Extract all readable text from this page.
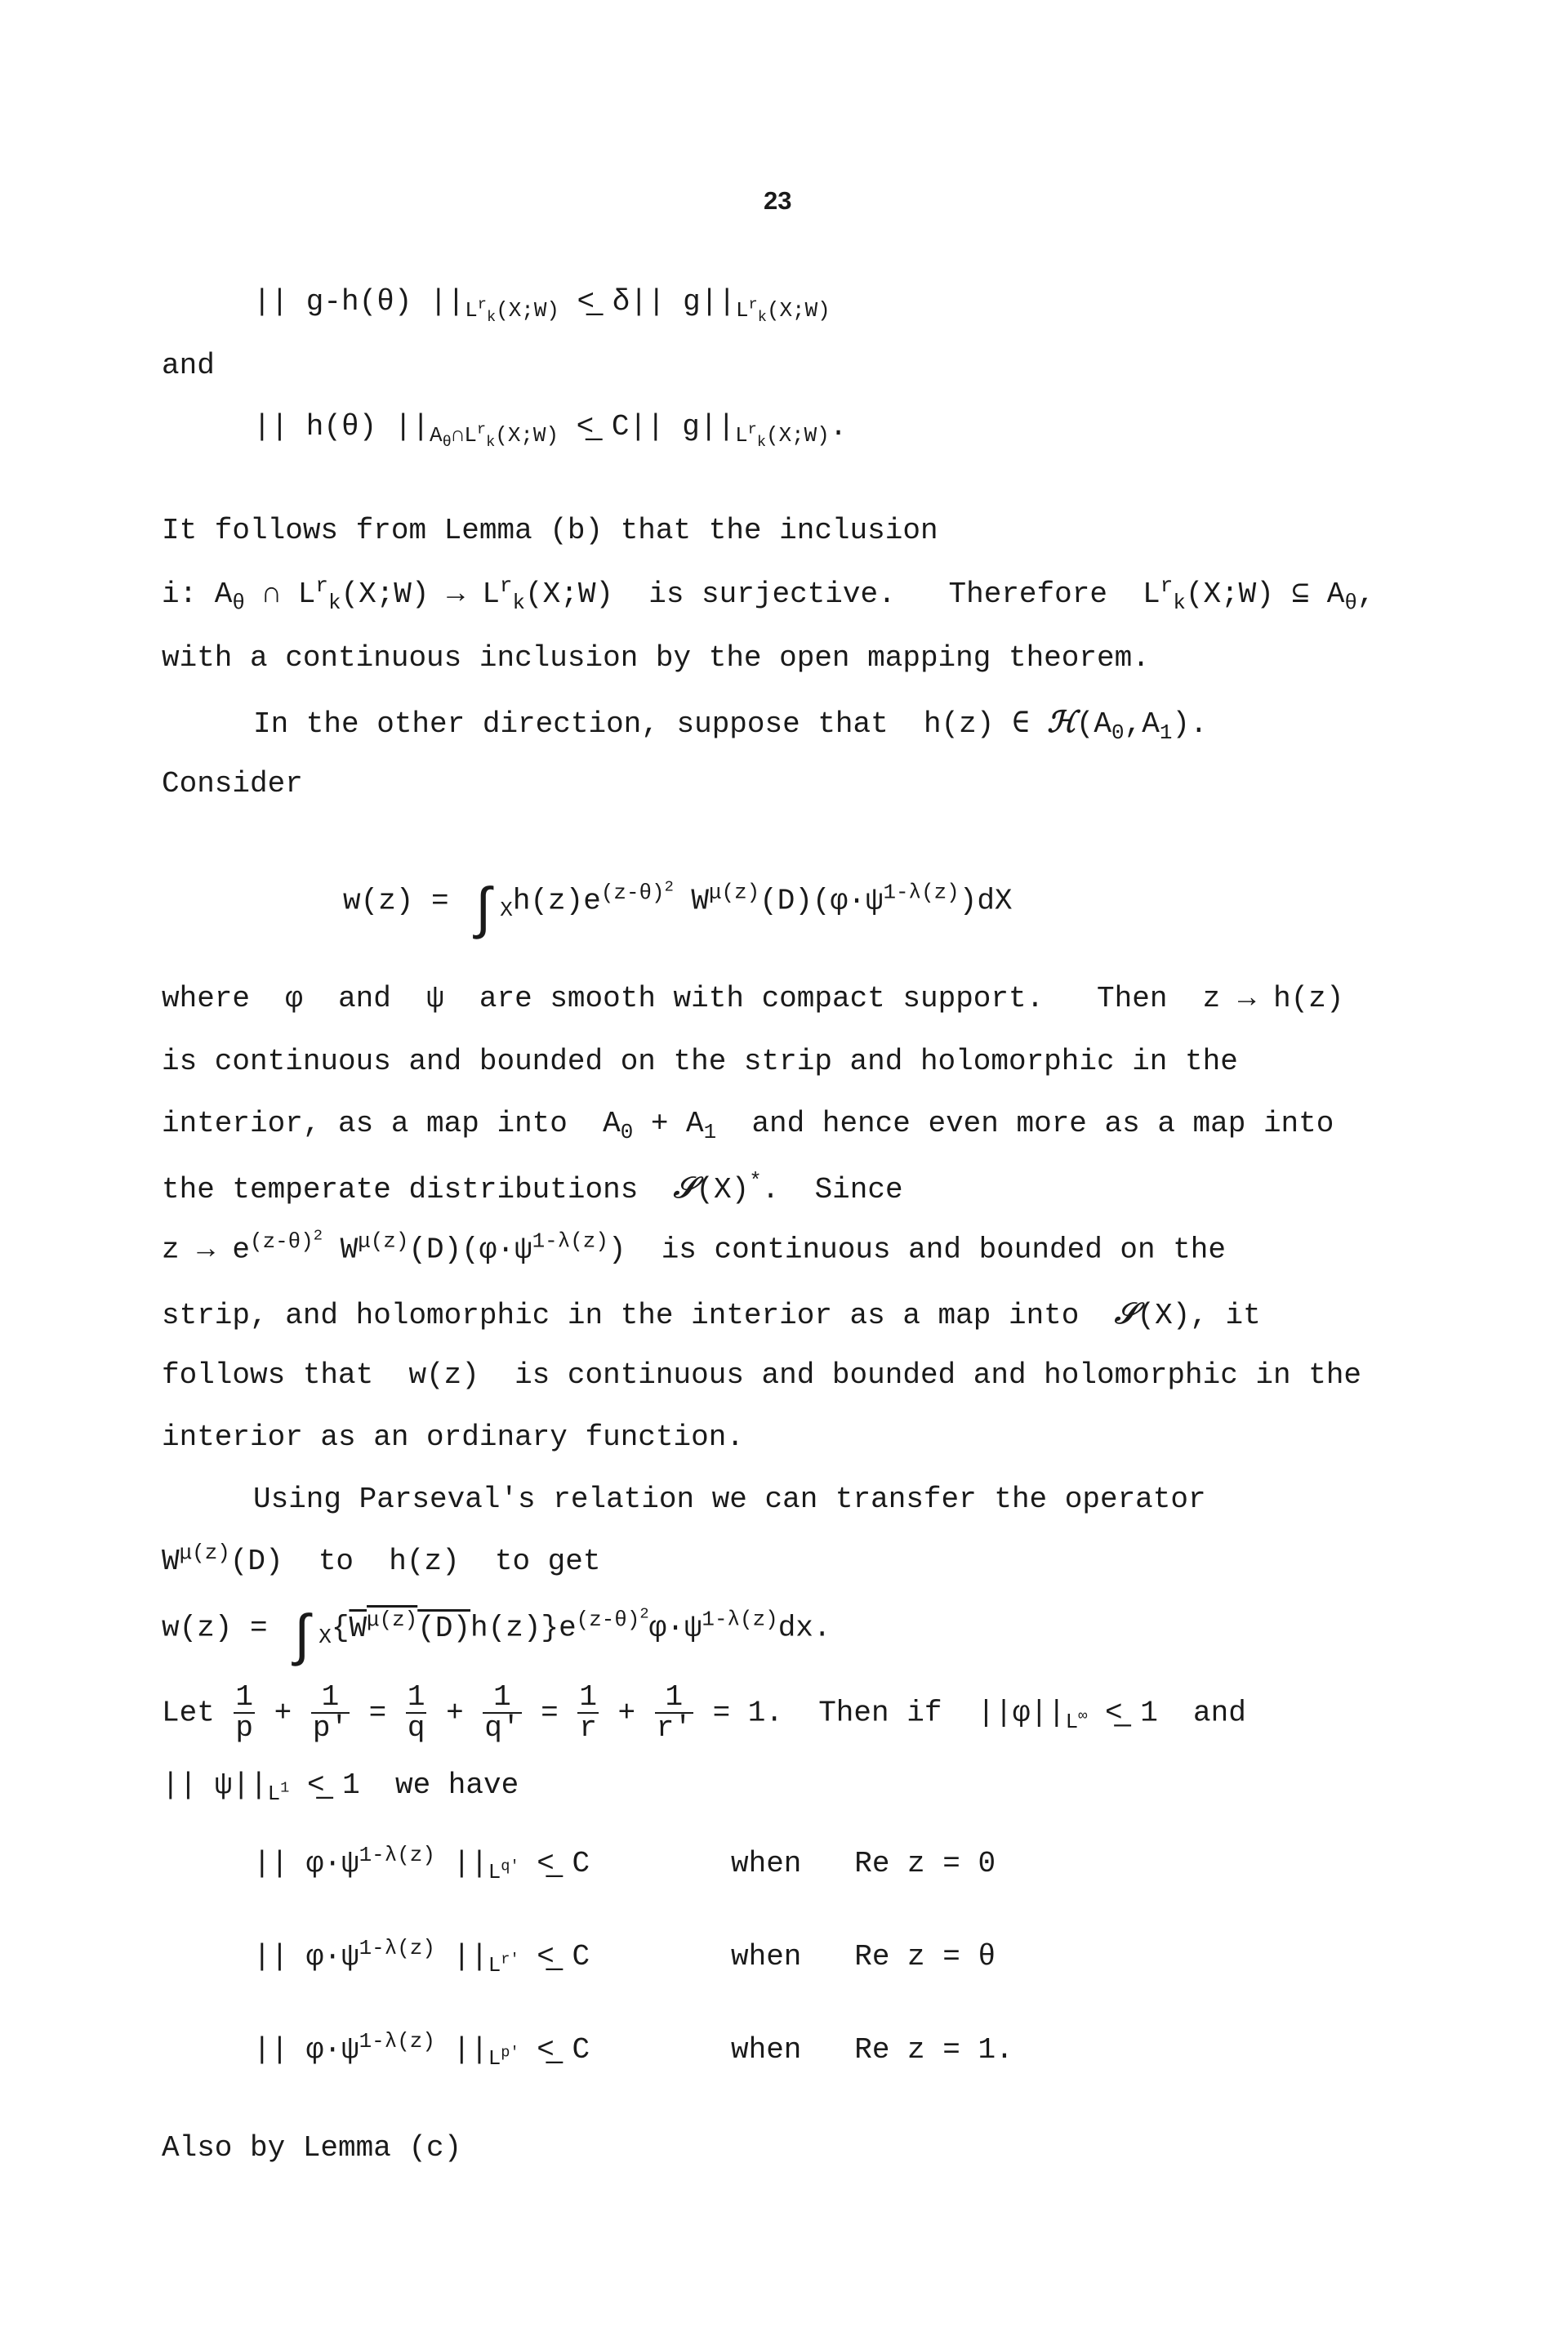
23
|| g-h(θ) $||_{L^r_k(X;W)}$ <̲ δ|| $g||_{L^r_k(X;W)}$
and
|| h(θ) $||_{A_\theta\cap L^r_k(X;W)}$ <̲ C|| $g||_{L^r_k(X;W)}$.
It follows from Lemma (b) that the inclusion
i: $A_\theta$ ∩ $L^r_k(X;W)$ → $L^r_k(X;W)$  is surjective.   Therefore  $L^r_k(X;W)$ ⊆ $A_\theta$,
with a continuous inclusion by the open mapping theorem.
In the other direction, suppose that  h(z) ∈ $ℋ(A_0,A_1)$.
Consider
$w(z) = \int_Xh(z)e^{(z-\theta)^2}$ $W^{\mu(z)}(D)(\varphi\cdot\psi^{1-\lambda(z)})dX$
where  φ  and  ψ  are smooth with compact support.   Then  z → h(z)
is continuous and bounded on the strip and holomorphic in the
interior, as a map into  $A_0 + A_1$ and hence even more as a map into
the temperate distributions 𝒮(X)*.  Since
$z \to e^{(z-\theta)^2}$ $W^{\mu(z)}(D)(\varphi\cdot\psi^{1-\lambda(z)})$  is continuous and bounded on the
strip, and holomorphic in the interior as a map into 𝒮(X), it
follows that  w(z)  is continuous and bounded and holomorphic in the
interior as an ordinary function.
Using Parseval's relation we can transfer the operator
$W^{\mu(z)}(D)$  to  h(z)  to get
$w(z) = \int_X\{W^{\mu(z)}(D)h(z)\}e^{(z-\theta)^2}\varphi\cdot\psi^{1-\lambda(z)}dx$.
Let $\frac{1}{p} + \frac{1}{p'} = \frac{1}{q} + \frac{1}{q'} = \frac{1}{r} + \frac{1}{r'} = 1$.  Then if  $||\varphi||_{L^\infty}$ <̲ 1  and
|| $\psi||_{L^1}$ <̲ 1  we have
|| $\varphi\cdot\psi^{1-\lambda(z)}$ $||_{L^{q'}}$ <̲ C	when Re z = 0
|| $\varphi\cdot\psi^{1-\lambda(z)}$ $||_{L^{r'}}$ <̲ C	when Re z = θ
|| $\varphi\cdot\psi^{1-\lambda(z)}$ $||_{L^{p'}}$ <̲ C	when Re z = 1.
Also by Lemma (c)
